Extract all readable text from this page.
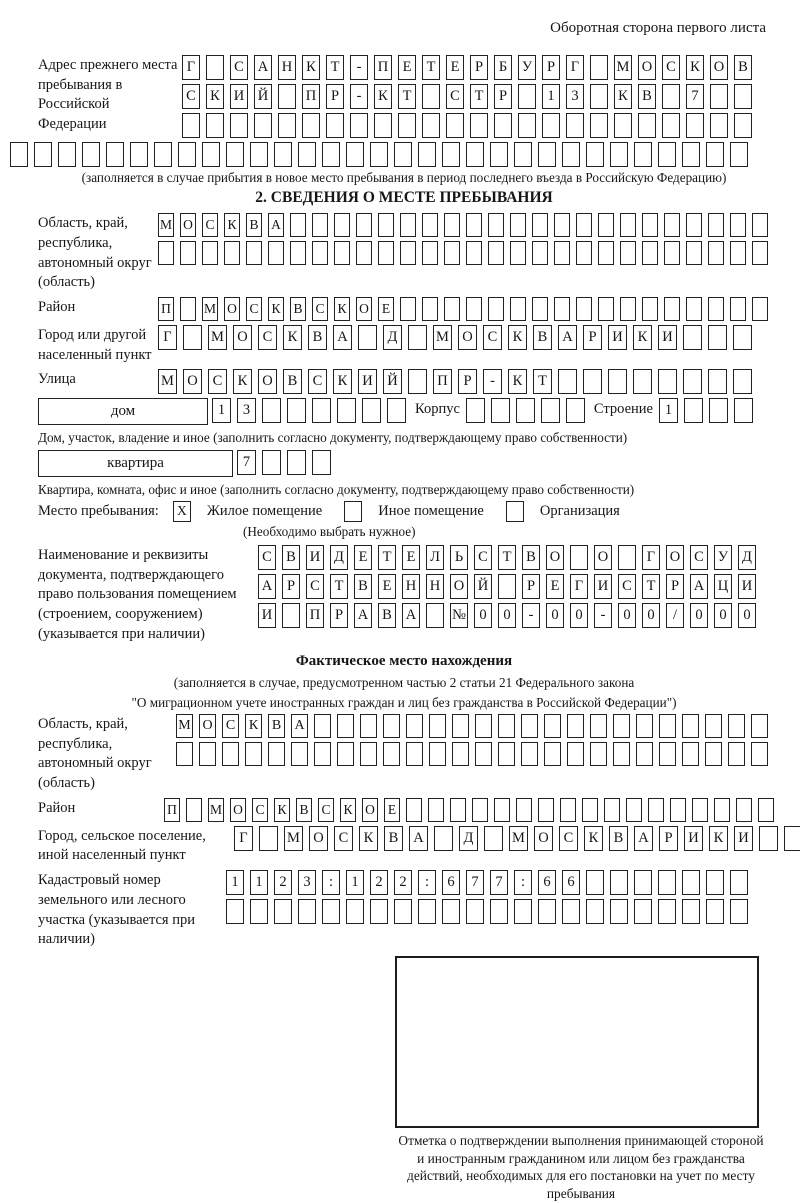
Оборотная сторона первого листа
Адрес прежнего места пребывания в Российской Федерации
Г	С А Н К	Т	-	П Е	Т	Е	Р	Б	У	Р	Г	М О С К О В
С К И Й	П	Р	-	К	Т	С	Т	Р	1	3	К В	7
(заполняется в случае прибытия в новое место пребывания в период последнего въезда в Российскую Федерацию)
2. СВЕДЕНИЯ О МЕСТЕ ПРЕБЫВАНИЯ
Область, край, республика, автономный округ (область)
М О С К В А
Район	П М О С К В С К О Е
Город или другой населенный пункт
Г	М О	С	К	В	А	Д	М О	С	К	В	А	Р	И	К	И
Улица	М О	С	К	О	В	С	К	И Й	П	Р	-	К	Т
дом	1	3	Корпус	Строение 1
Дом, участок, владение и иное (заполнить согласно документу, подтверждающему право собственности)
квартира	7
Квартира, комната, офис и иное (заполнить согласно документу, подтверждающему право собственности)
Место пребывания:	X Жилое помещение	Иное помещение	Организация
(Необходимо выбрать нужное)
Наименование и реквизиты документа, подтверждающего право пользования помещением (строением, сооружением) (указывается при наличии)
С В И Д	Е	Т	Е	Л	Ь	С	Т	В О	О	Г	О С У Д
А	Р	С	Т	В	Е Н Н О Й	Р	Е	Г	И С	Т	Р	А Ц И
И	П	Р	А В А № 0	0	-	0	0	-	0	0	/	0	0	0
Фактическое место нахождения
(заполняется в случае, предусмотренном частью 2 статьи 21 Федерального закона
"О миграционном учете иностранных граждан и лиц без гражданства в Российской Федерации")
Область, край, республика, автономный округ (область)
М О С К В А
Район	П М О С К В С К О Е
Город, сельское поселение, иной населенный пункт
Г	М О	С	К	В	А	Д	М О	С	К	В	А	Р	И	К	И
Кадастровый номер земельного или лесного участка (указывается при наличии)
1	1	2	3	:	1	2	2	:	6	7	7	:	6	6
Отметка о подтверждении выполнения принимающей стороной и иностранным гражданином или лицом без гражданства действий, необходимых для его постановки на учет по месту пребывания
